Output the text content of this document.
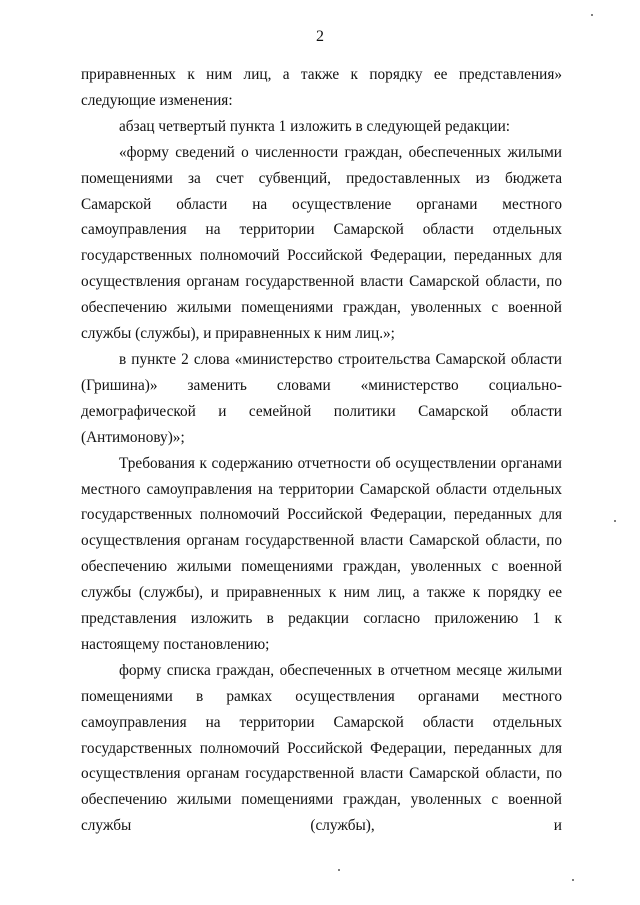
2

приравненных к ним лиц, а также к порядку ее представления» следующие изменения:

абзац четвертый пункта 1 изложить в следующей редакции:

«форму сведений о численности граждан, обеспеченных жилыми помещениями за счет субвенций, предоставленных из бюджета Самарской области на осуществление органами местного самоуправления на территории Самарской области отдельных государственных полномочий Российской Федерации, переданных для осуществления органам государственной власти Самарской области, по обеспечению жилыми помещениями граждан, уволенных с военной службы (службы), и приравненных к ним лиц.»;

в пункте 2 слова «министерство строительства Самарской области (Гришина)» заменить словами «министерство социально- демографической и семейной политики Самарской области (Антимонову)»;

Требования к содержанию отчетности об осуществлении органами местного самоуправления на территории Самарской области отдельных государственных полномочий Российской Федерации, переданных для осуществления органам государственной власти Самарской области, по обеспечению жилыми помещениями граждан, уволенных с военной службы (службы), и приравненных к ним лиц, а также к порядку ее представления изложить в редакции согласно приложению 1 к настоящему постановлению;

форму списка граждан, обеспеченных в отчетном месяце жилыми помещениями в рамках осуществления органами местного самоуправления на территории Самарской области отдельных государственных полномочий Российской Федерации, переданных для осуществления органам государственной власти Самарской области, по обеспечению жилыми помещениями граждан, уволенных с военной службы (службы), и
